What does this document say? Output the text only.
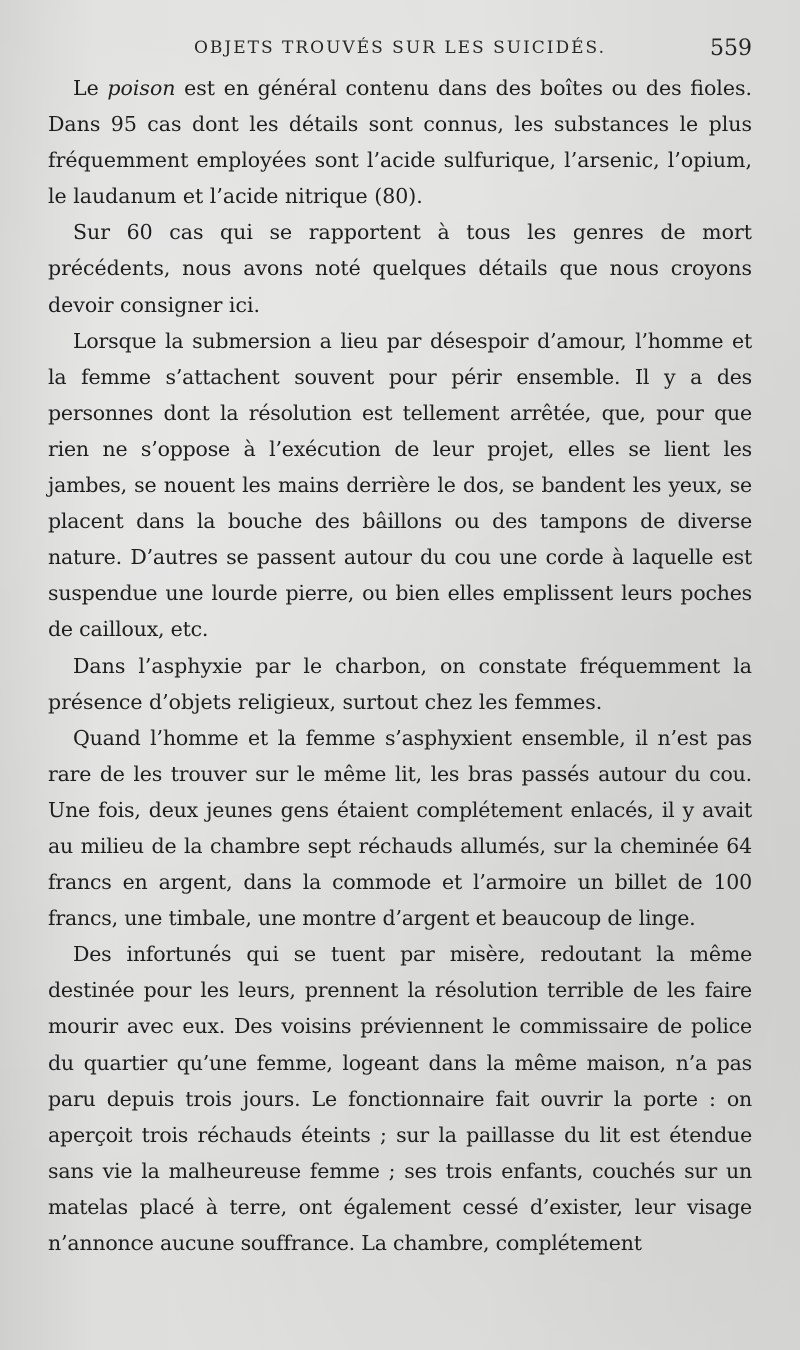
OBJETS TROUVÉS SUR LES SUICIDÉS.	559

Le poison est en général contenu dans des boîtes ou des fioles. Dans 95 cas dont les détails sont connus, les substances le plus fréquemment employées sont l’acide sulfurique, l’arsenic, l’opium, le laudanum et l’acide nitrique (80).

Sur 60 cas qui se rapportent à tous les genres de mort précédents, nous avons noté quelques détails que nous croyons devoir consigner ici.

Lorsque la submersion a lieu par désespoir d’amour, l’homme et la femme s’attachent souvent pour périr ensemble. Il y a des personnes dont la résolution est tellement arrêtée, que, pour que rien ne s’oppose à l’exécution de leur projet, elles se lient les jambes, se nouent les mains derrière le dos, se bandent les yeux, se placent dans la bouche des bâillons ou des tampons de diverse nature. D’autres se passent autour du cou une corde à laquelle est suspendue une lourde pierre, ou bien elles emplissent leurs poches de cailloux, etc.

Dans l’asphyxie par le charbon, on constate fréquemment la présence d’objets religieux, surtout chez les femmes.

Quand l’homme et la femme s’asphyxient ensemble, il n’est pas rare de les trouver sur le même lit, les bras passés autour du cou. Une fois, deux jeunes gens étaient complétement enlacés, il y avait au milieu de la chambre sept réchauds allumés, sur la cheminée 64 francs en argent, dans la commode et l’armoire un billet de 100 francs, une timbale, une montre d’argent et beaucoup de linge.

Des infortunés qui se tuent par misère, redoutant la même destinée pour les leurs, prennent la résolution terrible de les faire mourir avec eux. Des voisins préviennent le commissaire de police du quartier qu’une femme, logeant dans la même maison, n’a pas paru depuis trois jours. Le fonctionnaire fait ouvrir la porte : on aperçoit trois réchauds éteints ; sur la paillasse du lit est étendue sans vie la malheureuse femme ; ses trois enfants, couchés sur un matelas placé à terre, ont également cessé d’exister, leur visage n’annonce aucune souffrance. La chambre, complétement
